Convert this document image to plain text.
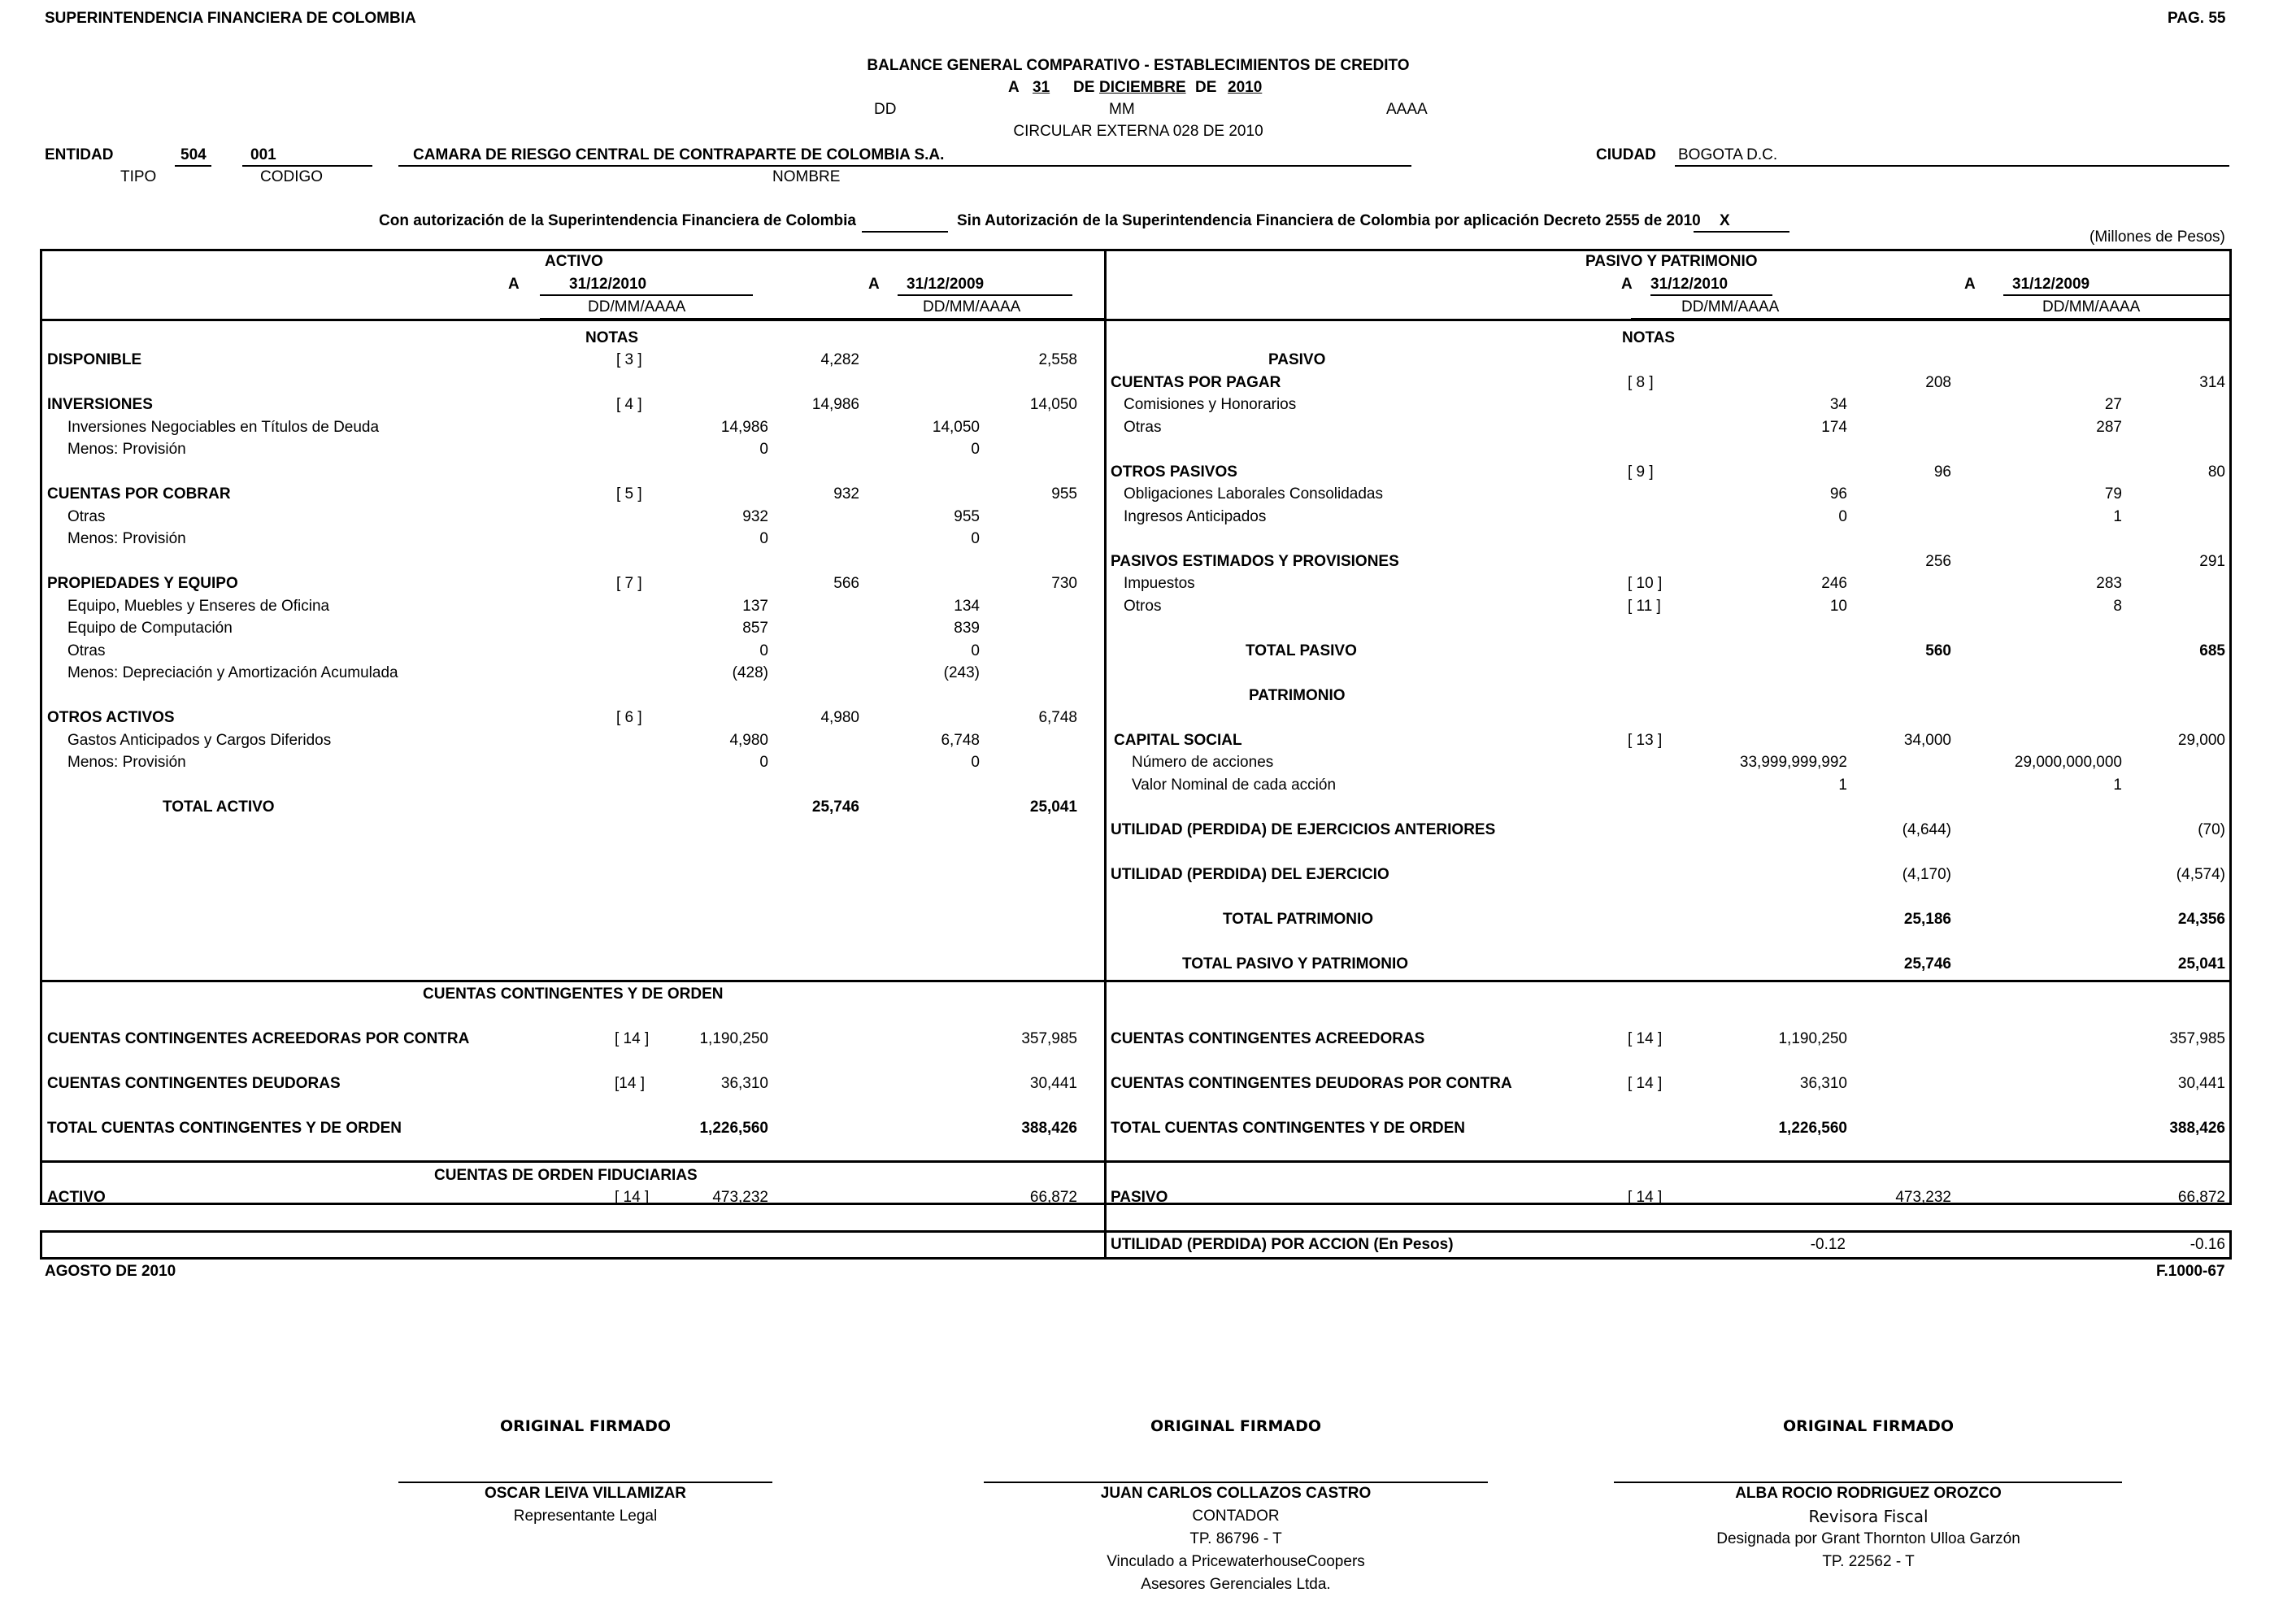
SUPERINTENDENCIA FINANCIERA DE COLOMBIA	PAG. 55
BALANCE GENERAL COMPARATIVO - ESTABLECIMIENTOS DE CREDITO
A 31 DE DICIEMBRE DE 2010
DD	MM	AAAA
CIRCULAR EXTERNA 028 DE 2010
ENTIDAD	504	001	CAMARA DE RIESGO CENTRAL DE CONTRAPARTE DE COLOMBIA S.A.	CIUDAD BOGOTA D.C.
TIPO	CODIGO	NOMBRE
Con autorización de la Superintendencia Financiera de Colombia	Sin Autorización de la Superintendencia Financiera de Colombia por aplicación Decreto 2555 de 2010 X
(Millones de Pesos)
ACTIVO
A	31/12/2010	A 31/12/2009
DD/MM/AAAA	DD/MM/AAAA
NOTAS
PASIVO Y PATRIMONIO
A 31/12/2010	A 31/12/2009
DD/MM/AAAA	DD/MM/AAAA
NOTAS
DISPONIBLE	[ 3 ]	4,282	2,558
INVERSIONES	[ 4 ]	14,986	14,050
Inversiones Negociables en Títulos de Deuda	14,986	14,050
Menos: Provisión	0	0
CUENTAS POR COBRAR	[ 5 ]	932	955
Otras	932	955
Menos: Provisión	0	0
PROPIEDADES Y EQUIPO	[ 7 ]	566	730
Equipo, Muebles y Enseres de Oficina	137	134
Equipo de Computación	857	839
Otras	0	0
Menos: Depreciación y Amortización Acumulada	(428)	(243)
OTROS ACTIVOS	[ 6 ]	4,980	6,748
Gastos Anticipados y Cargos Diferidos	4,980	6,748
Menos: Provisión	0	0
TOTAL ACTIVO	25,746	25,041
PASIVO
CUENTAS POR PAGAR	[ 8 ]	208	314
Comisiones y Honorarios	34	27
Otras	174	287
OTROS PASIVOS	[ 9 ]	96	80
Obligaciones Laborales Consolidadas	96	79
Ingresos Anticipados	0	1
PASIVOS ESTIMADOS Y PROVISIONES	256	291
Impuestos	[ 10 ]	246	283
Otros	[ 11 ]	10	8
TOTAL PASIVO	560	685
PATRIMONIO
CAPITAL SOCIAL	[ 13 ]	34,000	29,000
Número de acciones	33,999,999,992	29,000,000,000
Valor Nominal de cada acción	1	1
UTILIDAD (PERDIDA) DE EJERCICIOS ANTERIORES	(4,644)	(70)
UTILIDAD (PERDIDA) DEL EJERCICIO	(4,170)	(4,574)
TOTAL PATRIMONIO	25,186	24,356
TOTAL PASIVO Y PATRIMONIO	25,746	25,041
CUENTAS CONTINGENTES Y DE ORDEN
CUENTAS CONTINGENTES ACREEDORAS POR CONTRA	[ 14 ]	1,190,250	357,985
CUENTAS CONTINGENTES DEUDORAS	[14 ]	36,310	30,441
TOTAL CUENTAS CONTINGENTES Y DE ORDEN	1,226,560	388,426
CUENTAS CONTINGENTES ACREEDORAS	[ 14 ]	1,190,250	357,985
CUENTAS CONTINGENTES DEUDORAS POR CONTRA	[ 14 ]	36,310	30,441
TOTAL CUENTAS CONTINGENTES Y DE ORDEN	1,226,560	388,426
CUENTAS DE ORDEN FIDUCIARIAS
ACTIVO	[ 14 ]	473,232	66,872 PASIVO	[ 14 ]	473,232	66,872
UTILIDAD (PERDIDA) POR ACCION (En Pesos)	-0.12	-0.16
AGOSTO DE 2010	F.1000-67
ORIGINAL FIRMADO
OSCAR LEIVA VILLAMIZAR
Representante Legal
ORIGINAL FIRMADO
JUAN CARLOS COLLAZOS CASTRO
CONTADOR
TP. 86796 - T
Vinculado a PricewaterhouseCoopers
Asesores Gerenciales Ltda.
ORIGINAL FIRMADO
ALBA ROCIO RODRIGUEZ OROZCO
Revisora Fiscal
Designada por Grant Thornton Ulloa Garzón
TP. 22562 - T
